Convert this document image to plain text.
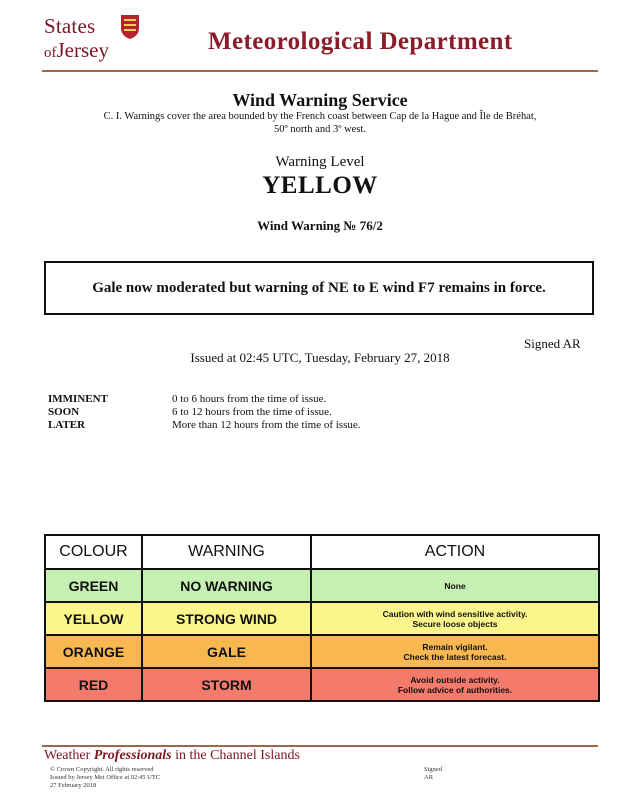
States
ofJersey	Meteorological Department
Wind Warning Service
C. I. Warnings cover the area bounded by the French coast between Cap de la Hague and Île de Bréhat,
50º north and 3º west.
Warning Level
YELLOW
Wind Warning № 76/2
Gale now moderated but warning of NE to E wind F7 remains in force.
Signed AR
Issued at 02:45 UTC, Tuesday, February 27, 2018
IMMINENT	0 to 6 hours from the time of issue.
SOON	6 to 12 hours from the time of issue.
LATER	More than 12 hours from the time of issue.
COLOUR	WARNING	ACTION
GREEN	NO WARNING	None

YELLOW	STRONG WIND	Caution with wind sensitive activity.
Secure loose objects

ORANGE	GALE	Remain vigilant.
Check the latest forecast.

RED	STORM	Avoid outside activity.
Follow advice of authorities.
Weather Professionals in the Channel Islands
© Crown Copyright. All rights reserved
Issued by Jersey Met Office at 02:45 UTC
27 February 2018
Signed
AR
